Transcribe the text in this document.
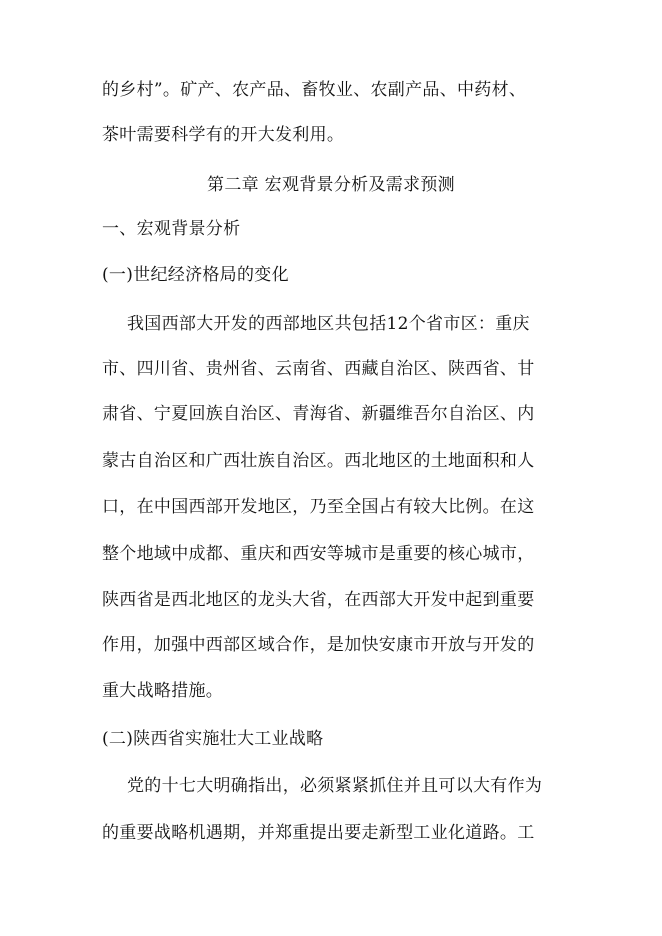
的乡村”。矿产、农产品、畜牧业、农副产品、中药材、
茶叶需要科学有的开大发利用。
第二章 宏观背景分析及需求预测
一、宏观背景分析
(一)世纪经济格局的变化
我国西部大开发的西部地区共包括12个省市区：重庆
市、四川省、贵州省、云南省、西藏自治区、陕西省、甘
肃省、宁夏回族自治区、青海省、新疆维吾尔自治区、内
蒙古自治区和广西壮族自治区。西北地区的土地面积和人
口，在中国西部开发地区，乃至全国占有较大比例。在这
整个地域中成都、重庆和西安等城市是重要的核心城市，
陕西省是西北地区的龙头大省，在西部大开发中起到重要
作用，加强中西部区域合作，是加快安康市开放与开发的
重大战略措施。
(二)陕西省实施壮大工业战略
党的十七大明确指出，必须紧紧抓住并且可以大有作为
的重要战略机遇期，并郑重提出要走新型工业化道路。工
